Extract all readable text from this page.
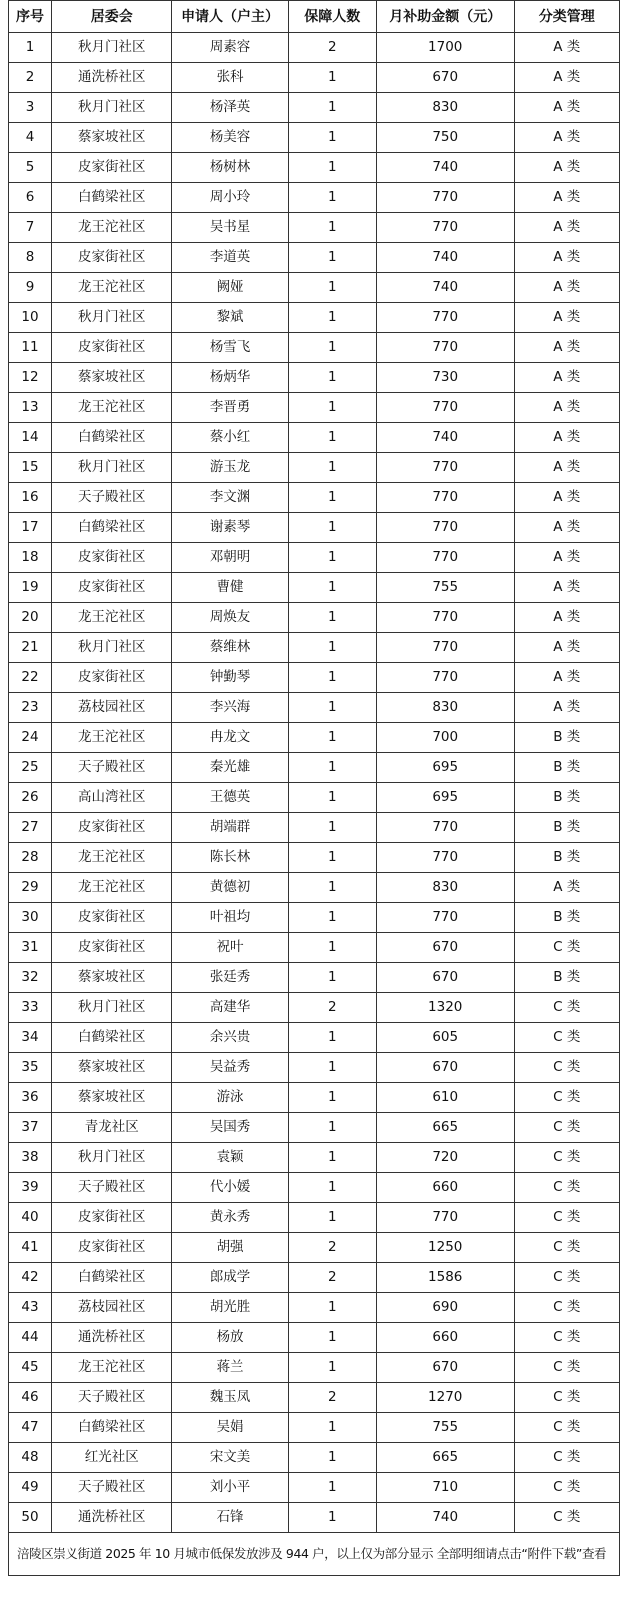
序号	居委会	申请人（户主）	保障人数	月补助金额（元）	分类管理
1	秋月门社区	周素容	2	1700	A 类
2	通洗桥社区	张科	1	670	A 类
3	秋月门社区	杨泽英	1	830	A 类
4	蔡家坡社区	杨美容	1	750	A 类
5	皮家街社区	杨树林	1	740	A 类
6	白鹤梁社区	周小玲	1	770	A 类
7	龙王沱社区	吴书星	1	770	A 类
8	皮家街社区	李道英	1	740	A 类
9	龙王沱社区	阙娅	1	740	A 类
10	秋月门社区	黎斌	1	770	A 类
11	皮家街社区	杨雪飞	1	770	A 类
12	蔡家坡社区	杨炳华	1	730	A 类
13	龙王沱社区	李晋勇	1	770	A 类
14	白鹤梁社区	蔡小红	1	740	A 类
15	秋月门社区	游玉龙	1	770	A 类
16	天子殿社区	李文渊	1	770	A 类
17	白鹤梁社区	谢素琴	1	770	A 类
18	皮家街社区	邓朝明	1	770	A 类
19	皮家街社区	曹健	1	755	A 类
20	龙王沱社区	周焕友	1	770	A 类
21	秋月门社区	蔡维林	1	770	A 类
22	皮家街社区	钟勤琴	1	770	A 类
23	荔枝园社区	李兴海	1	830	A 类
24	龙王沱社区	冉龙文	1	700	B 类
25	天子殿社区	秦光雄	1	695	B 类
26	高山湾社区	王德英	1	695	B 类
27	皮家街社区	胡端群	1	770	B 类
28	龙王沱社区	陈长林	1	770	B 类
29	龙王沱社区	黄德初	1	830	A 类
30	皮家街社区	叶祖均	1	770	B 类
31	皮家街社区	祝叶	1	670	C 类
32	蔡家坡社区	张廷秀	1	670	B 类
33	秋月门社区	高建华	2	1320	C 类
34	白鹤梁社区	余兴贵	1	605	C 类
35	蔡家坡社区	吴益秀	1	670	C 类
36	蔡家坡社区	游泳	1	610	C 类
37	青龙社区	吴国秀	1	665	C 类
38	秋月门社区	袁颖	1	720	C 类
39	天子殿社区	代小媛	1	660	C 类
40	皮家街社区	黄永秀	1	770	C 类
41	皮家街社区	胡强	2	1250	C 类
42	白鹤梁社区	郎成学	2	1586	C 类
43	荔枝园社区	胡光胜	1	690	C 类
44	通洗桥社区	杨放	1	660	C 类
45	龙王沱社区	蒋兰	1	670	C 类
46	天子殿社区	魏玉凤	2	1270	C 类
47	白鹤梁社区	吴娟	1	755	C 类
48	红光社区	宋文美	1	665	C 类
49	天子殿社区	刘小平	1	710	C 类
50	通洗桥社区	石锋	1	740	C 类
涪陵区崇义街道 2025 年 10 月城市低保发放涉及 944 户，以上仅为部分显示 全部明细请点击“附件下载”查看					
